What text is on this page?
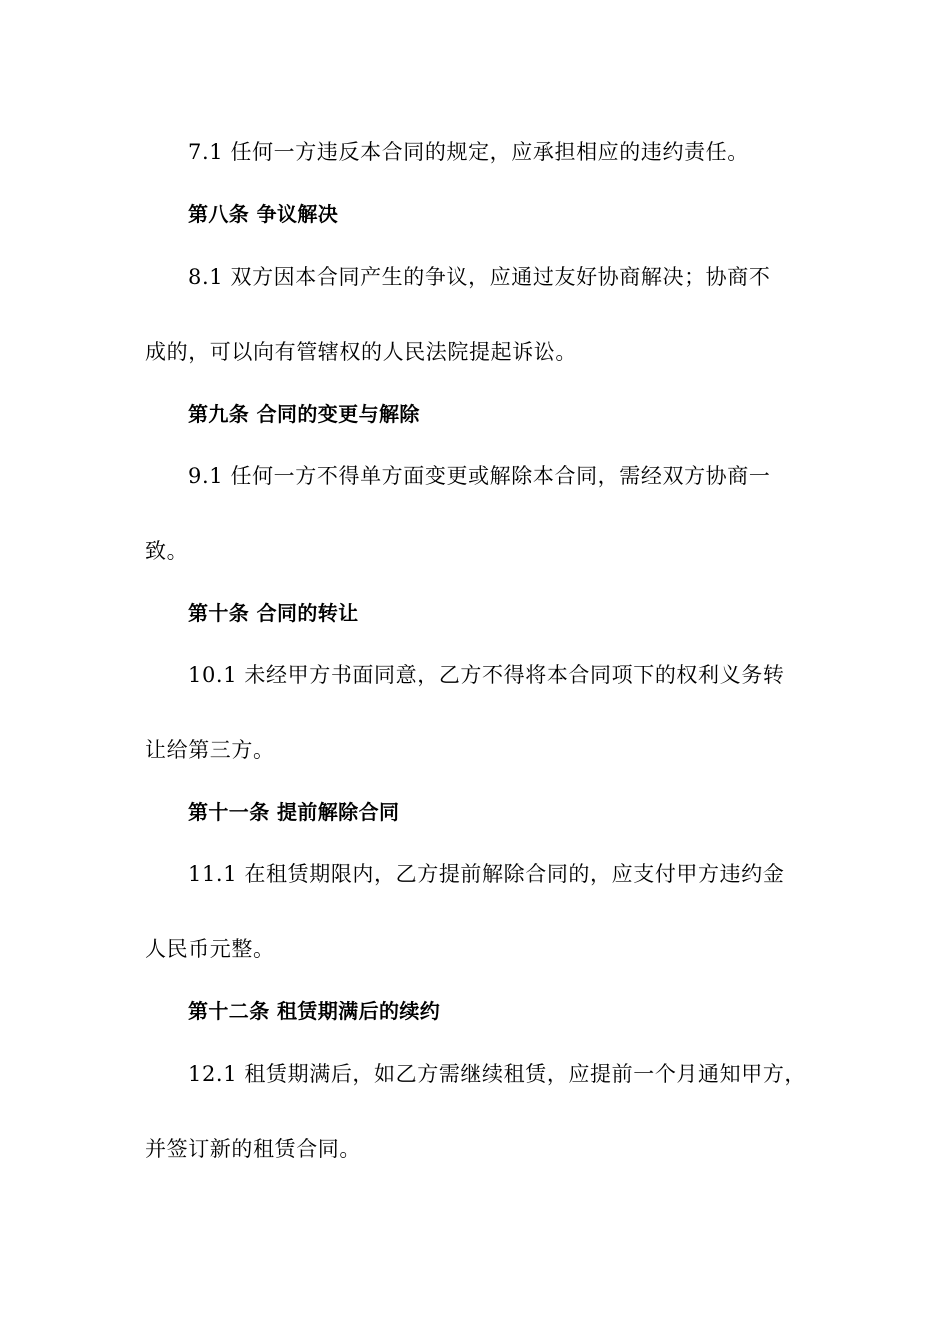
7.1 任何一方违反本合同的规定，应承担相应的违约责任。
第八条 争议解决
8.1 双方因本合同产生的争议，应通过友好协商解决；协商不
成的，可以向有管辖权的人民法院提起诉讼。
第九条 合同的变更与解除
9.1 任何一方不得单方面变更或解除本合同，需经双方协商一
致。
第十条 合同的转让
10.1 未经甲方书面同意，乙方不得将本合同项下的权利义务转
让给第三方。
第十一条 提前解除合同
11.1 在租赁期限内，乙方提前解除合同的，应支付甲方违约金
人民币元整。
第十二条 租赁期满后的续约
12.1 租赁期满后，如乙方需继续租赁，应提前一个月通知甲方，
并签订新的租赁合同。
